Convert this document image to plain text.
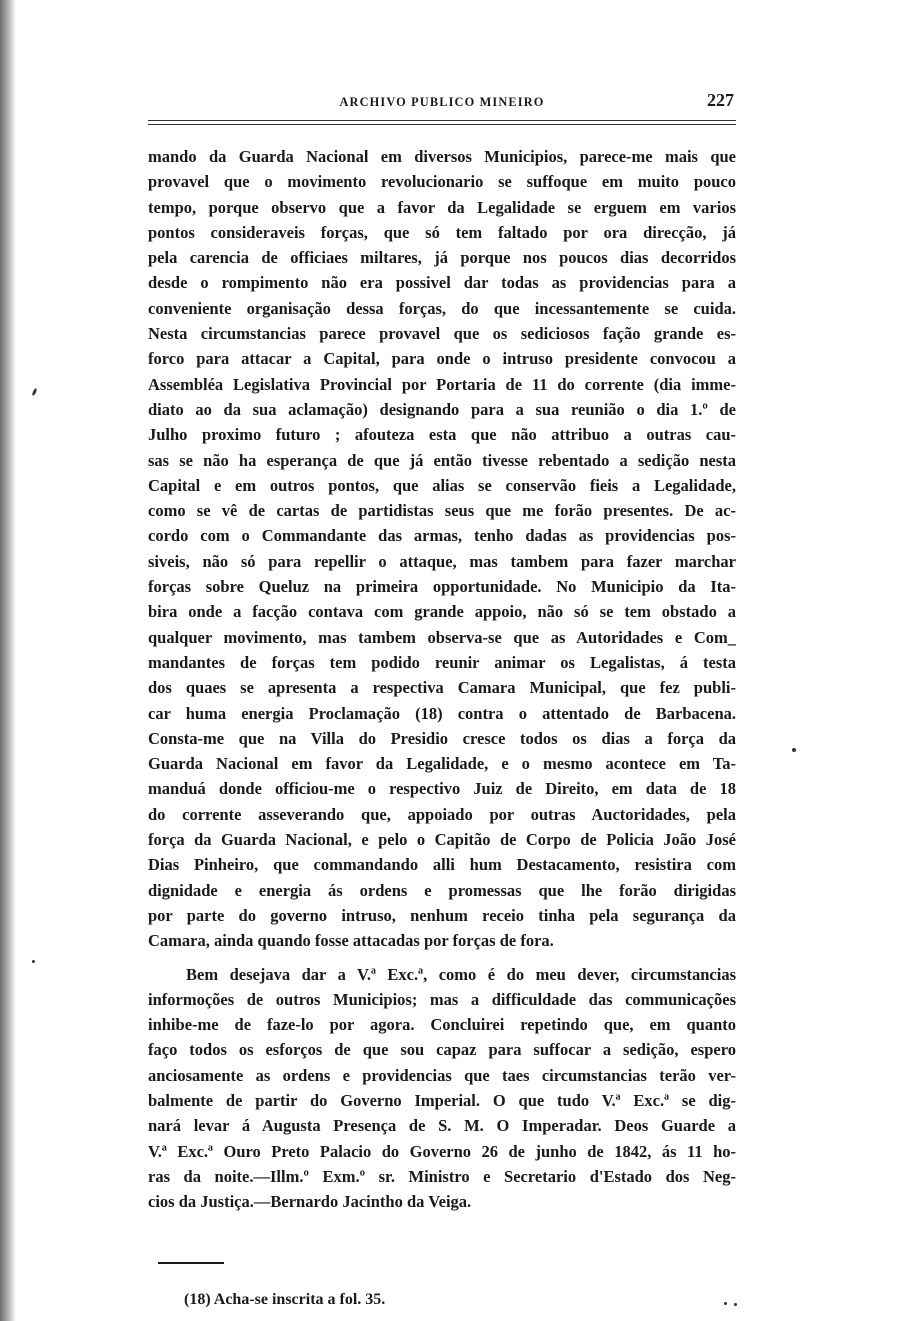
ARCHIVO PUBLICO MINEIRO	227
mando da Guarda Nacional em diversos Municipios, parece-me mais que
provavel que o movimento revolucionario se suffoque em muito pouco
tempo, porque observo que a favor da Legalidade se erguem em varios
pontos consideraveis forças, que só tem faltado por ora direcção, já
pela carencia de officiaes miltares, já porque nos poucos dias decorridos
desde o rompimento não era possivel dar todas as providencias para a
conveniente organisação dessa forças, do que incessantemente se cuida.
Nesta circumstancias parece provavel que os sediciosos fação grande es-
forco para attacar a Capital, para onde o intruso presidente convocou a
Assembléa Legislativa Provincial por Portaria de 11 do corrente (dia imme-
diato ao da sua aclamação) designando para a sua reunião o dia 1.º de
Julho proximo futuro ; afouteza esta que não attribuo a outras cau-
sas se não ha esperança de que já então tivesse rebentado a sedição nesta
Capital e em outros pontos, que alias se conservão fieis a Legalidade,
como se vê de cartas de partidistas seus que me forão presentes. De ac-
cordo com o Commandante das armas, tenho dadas as providencias pos-
siveis, não só para repellir o attaque, mas tambem para fazer marchar
forças sobre Queluz na primeira opportunidade. No Municipio da Ita-
bira onde a facção contava com grande appoio, não só se tem obstado a
qualquer movimento, mas tambem observa-se que as Autoridades e Com_
mandantes de forças tem podido reunir animar os Legalistas, á testa
dos quaes se apresenta a respectiva Camara Municipal, que fez publi-
car huma energia Proclamação (18) contra o attentado de Barbacena.
Consta-me que na Villa do Presidio cresce todos os dias a força da
Guarda Nacional em favor da Legalidade, e o mesmo acontece em Ta-
manduá donde officiou-me o respectivo Juiz de Direito, em data de 18
do corrente asseverando que, appoiado por outras Auctoridades, pela
força da Guarda Nacional, e pelo o Capitão de Corpo de Policia João José
Dias Pinheiro, que commandando alli hum Destacamento, resistira com
dignidade e energia ás ordens e promessas que lhe forão dirigidas
por parte do governo intruso, nenhum receio tinha pela segurança da
Camara, ainda quando fosse attacadas por forças de fora.
Bem desejava dar a V.ª Exc.ª, como é do meu dever, circumstancias
informoções de outros Municipios; mas a difficuldade das communicações
inhibe-me de faze-lo por agora. Concluirei repetindo que, em quanto
faço todos os esforços de que sou capaz para suffocar a sedição, espero
anciosamente as ordens e providencias que taes circumstancias terão ver-
balmente de partir do Governo Imperial. O que tudo V.ª Exc.ª se dig-
nará levar á Augusta Presença de S. M. O Imperadar. Deos Guarde a
V.ª Exc.ª Ouro Preto Palacio do Governo 26 de junho de 1842, ás 11 ho-
ras da noite.—Illm.º Exm.º sr. Ministro e Secretario d'Estado dos Neg-
cios da Justiça.—Bernardo Jacintho da Veiga.
(18) Acha-se inscrita a fol. 35.
